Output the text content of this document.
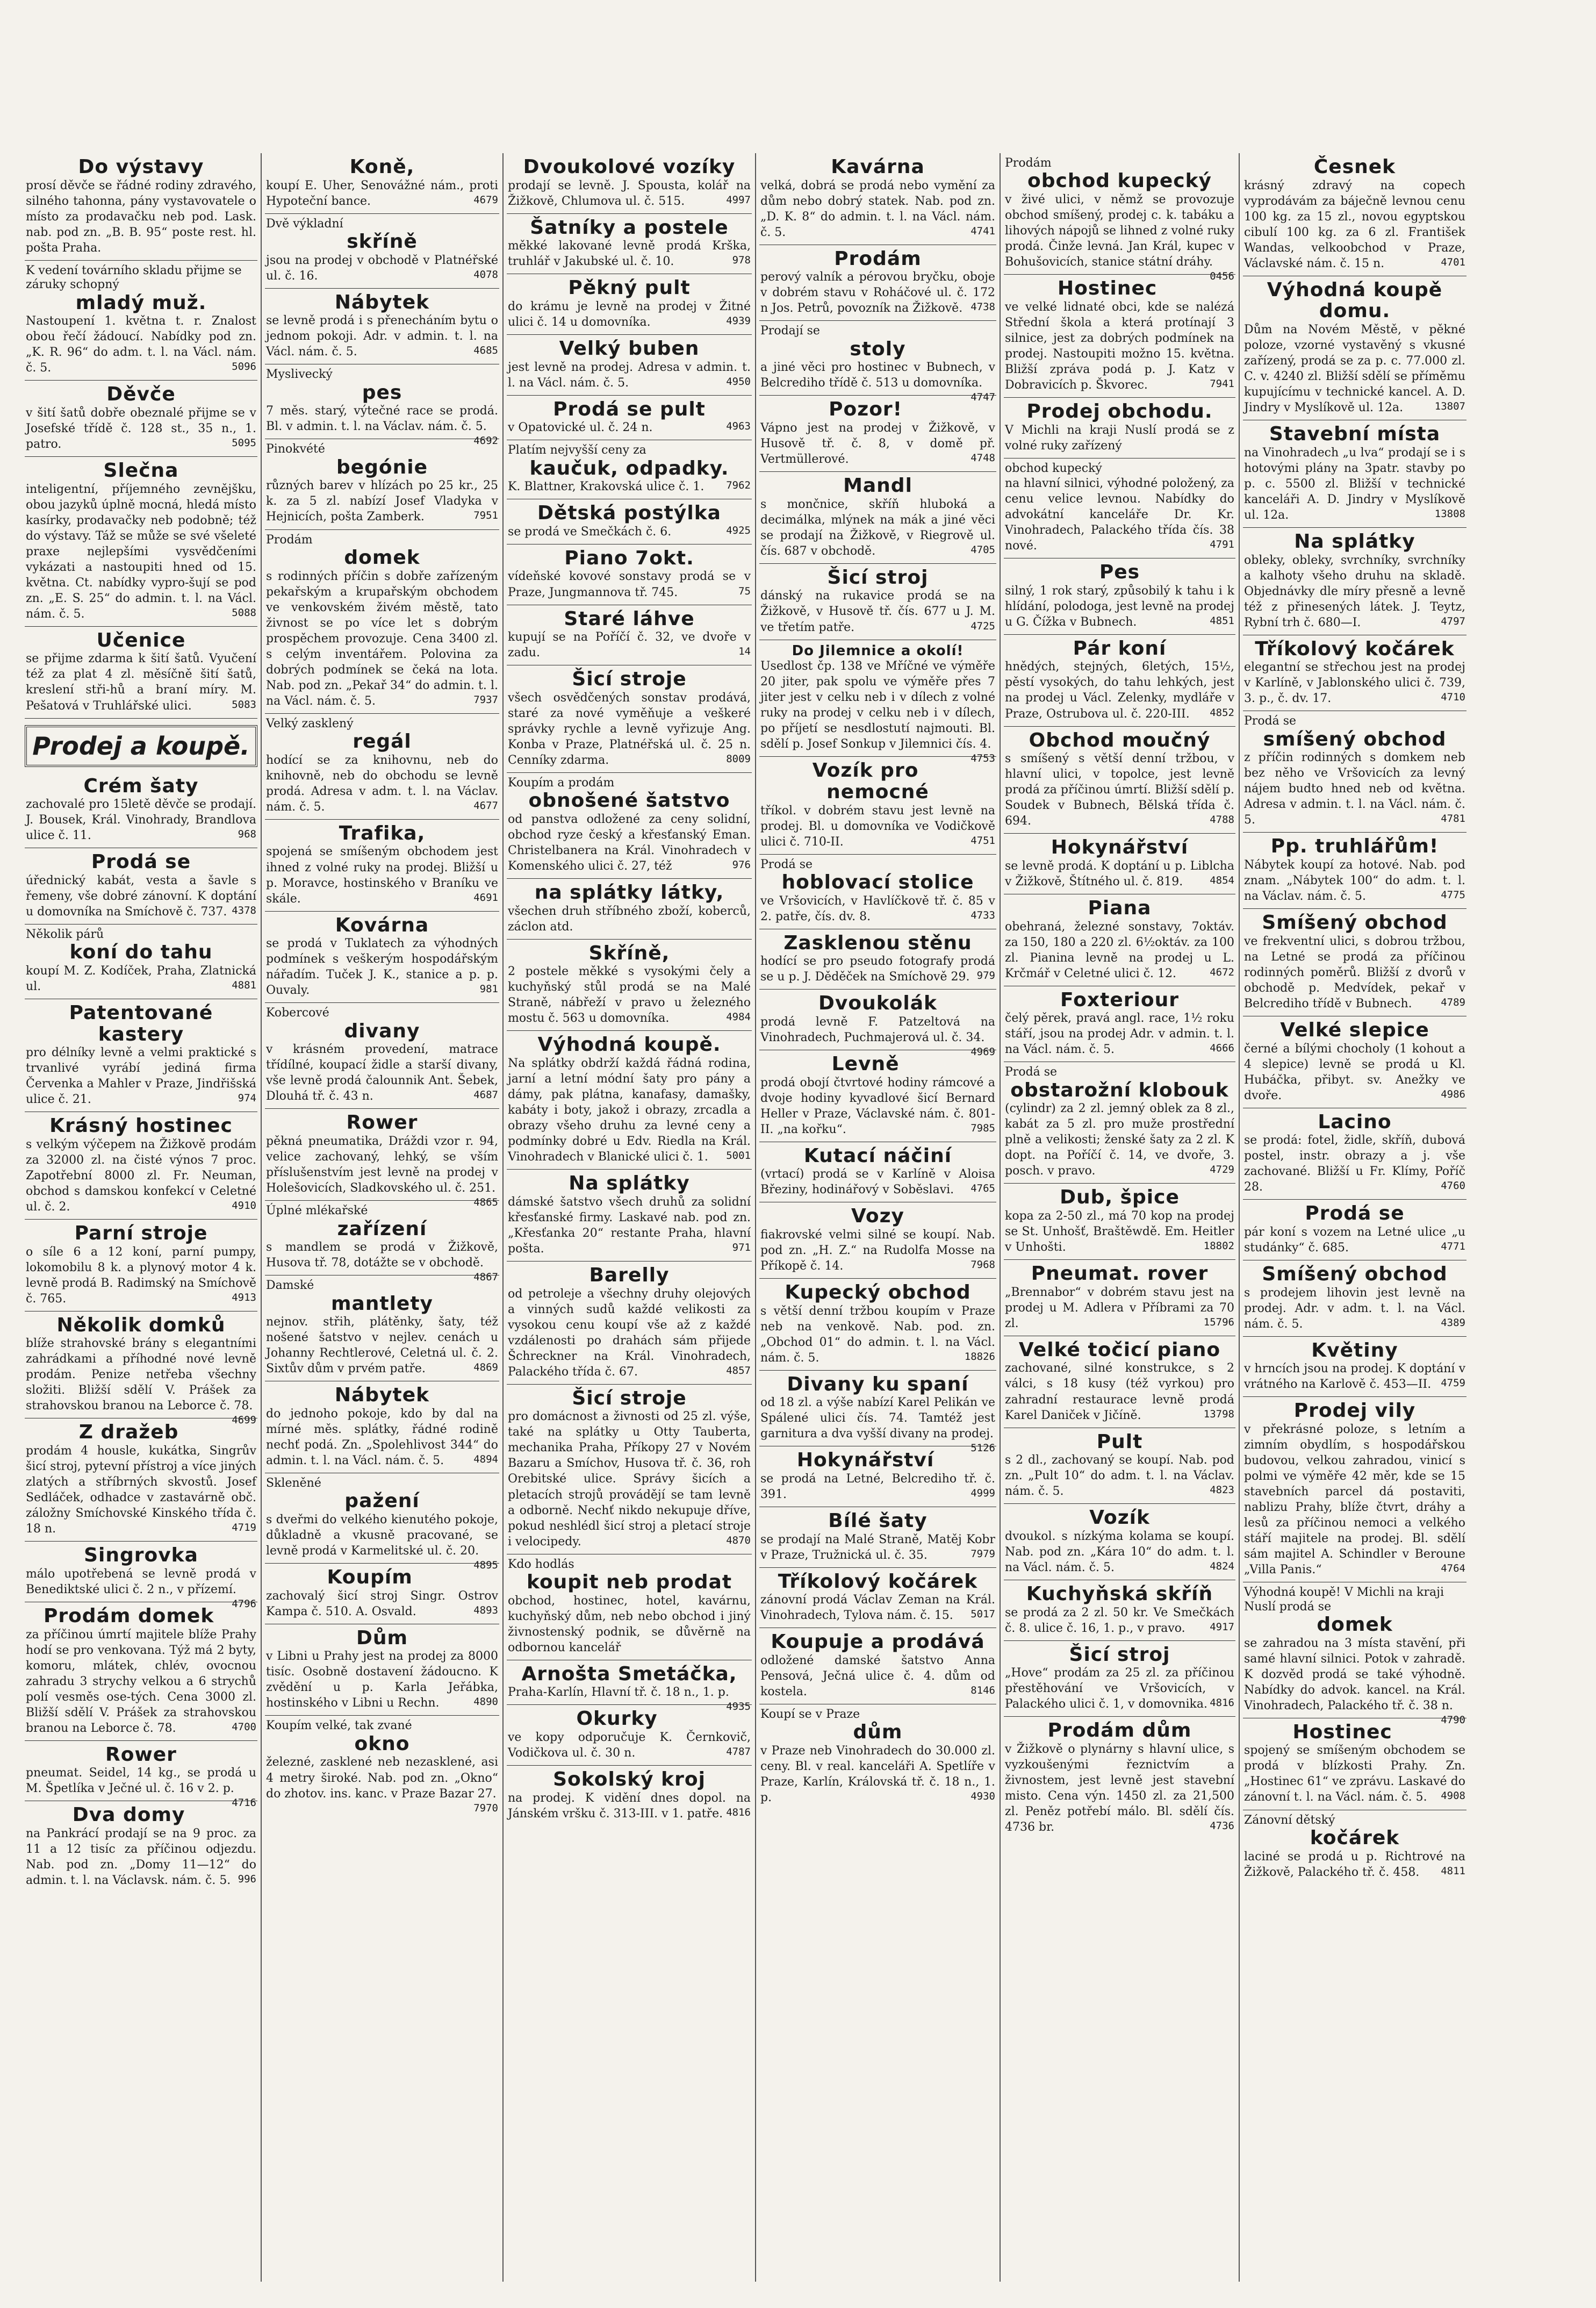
Do výstavy
prosí děvče se řádné rodiny zdravého, silného tahonna, pány vystavovatele o místo za prodavačku neb pod. Lask. nab. pod zn. „B. B. 95“ poste rest. hl. pošta Praha.
K vedení továrního skladu přijme se záruky schopný
mladý muž.
Nastoupení 1. května t. r. Znalost obou řečí žádoucí. Nabídky pod zn. „K. R. 96“ do adm. t. l. na Václ. nám. č. 5.	5096
Děvče
v šití šatů dobře obeznalé přijme se v Josefské třídě č. 128 st., 35 n., 1. patro.	5095
Slečna
inteligentní, příjemného zevnějšku, obou jazyků úplně mocná, hledá místo kasírky, prodavačky neb podobně; též do výstavy. Táž se může se své všeleté praxe nejlepšími vysvědčeními vykázati a nastoupiti hned od 15. května. Ct. nabídky vypro-šují se pod zn. „E. S. 25“ do admin. t. l. na Václ. nám. č. 5.	5088
Učenice
se přijme zdarma k šití šatů. Vyučení též za plat 4 zl. měsíčně šití šatů, kreslení stři-hů a braní míry. M. Pešatová v Truhlářské ulici.	5083
Prodej a koupě.
Crém šaty
zachovalé pro 15letě děvče se prodají. J. Bousek, Král. Vinohrady, Brandlova ulice č. 11.	968
Prodá se
úřednický kabát, vesta a šavle s řemeny, vše dobré zánovní. K doptání u domovníka na Smíchově č. 737. 4378
Několik párů
koní do tahu
koupí M. Z. Kodíček, Praha, Zlatnická ul.	4881
Patentované kastery
pro délníky levně a velmi praktické s trvanlivé vyrábí jediná firma Červenka a Mahler v Praze, Jindřišská ulice č. 21.	974
Krásný hostinec
s velkým výčepem na Žižkově prodám za 32000 zl. na čisté výnos 7 proc. Zapotřební 8000 zl. Fr. Neuman, obchod s damskou konfekcí v Celetné ul. č. 2.	4910
Parní stroje
o síle 6 a 12 koní, parní pumpy, lokomobilu 8 k. a plynový motor 4 k. levně prodá B. Radimský na Smíchově č. 765.	4913
Několik domků
blíže strahovské brány s elegantními zahrádkami a příhodné nové levně prodám. Penize netřeba všechny složiti. Bližší sdělí V. Prášek za strahovskou branou na Leborce č. 78.
4699
Z dražeb
prodám 4 housle, kukátka, Singrův šicí stroj, pytevní přístroj a více jiných zlatých a stříbrných skvostů. Josef Sedláček, odhadce v zastavárně obč. záložny Smíchovské Kinského třída č. 18 n.	4719
Singrovka
málo upotřebená se levně prodá v Benediktské ulici č. 2 n., v přízemí.
4796
Prodám domek
za příčinou úmrtí majitele blíže Prahy hodí se pro venkovana. Týž má 2 byty, komoru, mlátek, chlév, ovocnou zahradu 3 strychy velkou a 6 strychů polí vesměs ose-tých. Cena 3000 zl. Bližší sdělí V. Prášek za strahovskou branou na Leborce č. 78.	4700
Rower
pneumat. Seidel, 14 kg., se prodá u M. Špetlíka v Ječné ul. č. 16 v 2. p.
4716
Dva domy
na Pankrácí prodají se na 9 proc. za 11 a 12 tisíc za příčinou odjezdu. Nab. pod zn. „Domy 11—12“ do admin. t. l. na Václavsk. nám. č. 5. 996
Koně,
koupí E. Uher, Senovážné nám., proti Hypoteční bance.	4679
Dvě výkladní
skříně
jsou na prodej v obchodě v Platnéřské ul. č. 16.	4078
Nábytek
se levně prodá i s přenecháním bytu o jednom pokoji. Adr. v admin. t. l. na Václ. nám. č. 5.	4685
Myslivecký
pes
7 měs. starý, výtečné race se prodá. Bl. v admin. t. l. na Václav. nám. č. 5.
4692
Pinokvété
begónie
různých barev v hlízách po 25 kr., 25 k. za 5 zl. nabízí Josef Vladyka v Hejnicích, pošta Zamberk.	7951
Prodám
domek
s rodinných příčin s dobře zařízeným pekařským a krupařským obchodem ve venkovském živém městě, tato živnost se po více let s dobrým prospěchem provozuje. Cena 3400 zl. s celým inventářem. Polovina za dobrých podmínek se čeká na lota. Nab. pod zn. „Pekař 34“ do admin. t. l. na Václ. nám. č. 5.	7937
Velký zasklený
regál
hodící se za knihovnu, neb do knihovně, neb do obchodu se levně prodá. Adresa v adm. t. l. na Václav. nám. č. 5.	4677
Trafika,
spojená se smíšeným obchodem jest ihned z volné ruky na prodej. Bližší u p. Moravce, hostinského v Braníku ve skále.	4691
Kovárna
se prodá v Tuklatech za výhodných podmínek s veškerým hospodářským nářadím. Tuček J. K., stanice a p. p. Ouvaly.	981
Kobercové
divany
v krásném provedení, matrace třídílné, koupací židle a starší divany, vše levně prodá čalounnik Ant. Šebek, Dlouhá tř. č. 43 n.	4687
Rower
pěkná pneumatika, Dráždi vzor r. 94, velice zachovaný, lehký, se vším příslušenstvím jest levně na prodej v Holešovicích, Sladkovského ul. č. 251.
4865
Úplné mlékařské
zařízení
s mandlem se prodá v Žižkově, Husova tř. 78, dotážte se v obchodě.
4867
Damské
mantlety
nejnov. střih, plátěnky, šaty, též nošené šatstvo v nejlev. cenách u Johanny Rechtlerové, Celetná ul. č. 2. Sixtův dům v prvém patře.	4869
Nábytek
do jednoho pokoje, kdo by dal na mírné měs. splátky, řádné rodině nechť podá. Zn. „Spolehlivost 344“ do admin. t. l. na Václ. nám. č. 5.	4894
Skleněné
pažení
s dveřmi do velkého kienutého pokoje, důkladně a vkusně pracované, se levně prodá v Karmelitské ul. č. 20.
4895
Koupím
zachovalý šicí stroj Singr. Ostrov Kampa č. 510. A. Osvald.	4893
Dům
v Libni u Prahy jest na prodej za 8000 tisíc. Osobně dostavení žádoucno. K zvědění u p. Karla Jeřábka, hostinského v Libni u Rechn.	4890
Koupím velké, tak zvané
okno
železné, zasklené neb nezasklené, asi 4 metry široké. Nab. pod zn. „Okno“ do zhotov. ins. kanc. v Praze Bazar 27.
7970
Dvoukolové vozíky
prodají se levně. J. Spousta, kolář na Žižkově, Chlumova ul. č. 515.	4997
Šatníky a postele
měkké lakované levně prodá Krška, truhlář v Jakubské ul. č. 10.	978
Pěkný pult
do krámu je levně na prodej v Žitné ulici č. 14 u domovníka.	4939
Velký buben
jest levně na prodej. Adresa v admin. t. l. na Václ. nám. č. 5.	4950
Prodá se pult
v Opatovické ul. č. 24 n.	4963
Platím nejvyšší ceny za
kaučuk, odpadky.
K. Blattner, Krakovská ulice č. 1. 7962
Dětská postýlka
se prodá ve Smečkách č. 6.	4925
Piano 7okt.
vídeňské kovové sonstavy prodá se v Praze, Jungmannova tř. 745.	75
Staré láhve
kupují se na Poříčí č. 32, ve dvoře v zadu.	14
Šicí stroje
všech osvědčených sonstav prodává, staré za nové vyměňuje a veškeré správky rychle a levně vyřizuje Ang. Konba v Praze, Platnéřská ul. č. 25 n. Cenníky zdarma.	8009
Koupím a prodám
obnošené šatstvo
od panstva odložené za ceny solidní, obchod ryze český a křesťanský Eman. Christelbanera na Král. Vinohradech v Komenského ulici č. 27, též	976
na splátky látky,
všechen druh stříbného zboží, koberců, záclon atd.
Skříně,
2 postele měkké s vysokými čely a kuchyňský stůl prodá se na Malé Straně, nábřeží v pravo u železného mostu č. 563 u domovníka.	4984
Výhodná koupě.
Na splátky obdrží každá řádná rodina, jarní a letní módní šaty pro pány a dámy, pak plátna, kanafasy, damašky, kabáty i boty, jakož i obrazy, zrcadla a obrazy všeho druhu za levné ceny a podmínky dobré u Edv. Riedla na Král. Vinohradech v Blanické ulici č. 1. 5001
Na splátky
dámské šatstvo všech druhů za solidní křesťanské firmy. Laskavé nab. pod zn. „Křesťanka 20“ restante Praha, hlavní pošta.	971
Barelly
od petroleje a všechny druhy olejových a vinných sudů každé velikosti za vysokou cenu koupí vše až z každé vzdálenosti po drahách sám přijede Šchreckner na Král. Vinohradech, Palackého třída č. 67.	4857
Šicí stroje
pro domácnost a živnosti od 25 zl. výše, také na splátky u Otty Tauberta, mechanika Praha, Příkopy 27 v Novém Bazaru a Smíchov, Husova tř. č. 36, roh Orebitské ulice. Správy šicích a pletacích strojů provádějí se tam levně a odborně. Nechť nikdo nekupuje dříve, pokud neshlédl šicí stroj a pletací stroje i velocipedy.	4870
Kdo hodlás
koupit neb prodat
obchod, hostinec, hotel, kavárnu, kuchyňský dům, neb nebo obchod i jiný živnostenský podnik, se důvěrně na odbornou kancelář
Arnošta Smetáčka,
Praha-Karlín, Hlavní tř. č. 18 n., 1. p.
4935
Okurky
ve kopy odporučuje K. Černkovič, Vodičkova ul. č. 30 n.	4787
Sokolský kroj
na prodej. K vidění dnes dopol. na Jánském vršku č. 313-III. v 1. patře. 4816
Kavárna
velká, dobrá se prodá nebo vymění za dům nebo dobrý statek. Nab. pod zn. „D. K. 8“ do admin. t. l. na Václ. nám. č. 5.	4741
Prodám
perový valník a pérovou bryčku, oboje v dobrém stavu v Roháčové ul. č. 172 n Jos. Petrů, povozník na Žižkově. 4738
Prodají se
stoly
a jiné věci pro hostinec v Bubnech, v Belcrediho třídě č. 513 u domovníka.
4747
Pozor!
Vápno jest na prodej v Žižkově, v Husově tř. č. 8, v domě př. Vertmüllerové.	4748
Mandl
s mončnice, skříň hluboká a decimálka, mlýnek na mák a jiné věci se prodají na Žižkově, v Riegrově ul. čís. 687 v obchodě.	4705
Šicí stroj
dánský na rukavice prodá se na Žižkově, v Husově tř. čís. 677 u J. M. ve třetím patře.	4725
Do Jilemnice a okolí!
Usedlost čp. 138 ve Mříčné ve výměře 20 jiter, pak spolu ve výměře přes 7 jiter jest v celku neb i v dílech z volné ruky na prodej v celku neb i v dílech, po příjetí se nesdlostutí najmouti. Bl. sdělí p. Josef Sonkup v Jilemnici čís. 4.
4753
Vozík pro nemocné
tříkol. v dobrém stavu jest levně na prodej. Bl. u domovníka ve Vodičkově ulici č. 710-II.	4751
Prodá se
hoblovací stolice
ve Vršovicích, v Havlíčkově tř. č. 85 v 2. patře, čís. dv. 8.	4733
Zasklenou stěnu
hodící se pro pseudo fotografy prodá se u p. J. Děděček na Smíchově 29. 979
Dvoukolák
prodá levně F. Patzeltová na Vinohradech, Puchmajerová ul. č. 34.
4969
Levně
prodá obojí čtvrtové hodiny rámcové a dvoje hodiny kyvadlové šicí Bernard Heller v Praze, Václavské nám. č. 801-II. „na kořku“.	7985
Kutací náčiní
(vrtací) prodá se v Karlíně v Aloisa Březiny, hodinářový v Soběslavi. 4765
Vozy
fiakrovské velmi silné se koupí. Nab. pod zn. „H. Z.“ na Rudolfa Mosse na Příkopě č. 14.	7968
Kupecký obchod
s větší denní tržbou koupím v Praze neb na venkově. Nab. pod. zn. „Obchod 01“ do admin. t. l. na Václ. nám. č. 5.	18826
Divany ku spaní
od 18 zl. a výše nabízí Karel Pelikán ve Spálené ulici čís. 74. Tamtéž jest garnitura a dva vyšší divany na prodej.
5126
Hokynářství
se prodá na Letné, Belcrediho tř. č. 391.	4999
Bílé šaty
se prodají na Malé Straně, Matěj Kobr v Praze, Tružnická ul. č. 35.	7979
Tříkolový kočárek
zánovní prodá Václav Zeman na Král. Vinohradech, Tylova nám. č. 15. 5017
Koupuje a prodává
odložené damské šatstvo Anna Pensová, Ječná ulice č. 4. dům od kostela.	8146
Koupí se v Praze
dům
v Praze neb Vinohradech do 30.000 zl. ceny. Bl. v real. kanceláři A. Spetlíře v Praze, Karlín, Královská tř. č. 18 n., 1. p.	4930
Prodám
obchod kupecký
v živé ulici, v němž se provozuje obchod smíšený, prodej c. k. tabáku a lihových nápojů se lihned z volné ruky prodá. Činže levná. Jan Král, kupec v Bohušovicích, stanice státní dráhy.
0456
Hostinec
ve velké lidnaté obci, kde se nalézá Střední škola a která protínají 3 silnice, jest za dobrých podmínek na prodej. Nastoupiti možno 15. května. Bližší zpráva podá p. J. Katz v Dobravicích p. Škvorec.	7941
Prodej obchodu.
V Michli na kraji Nuslí prodá se z volné ruky zařízený
obchod kupecký
na hlavní silnici, výhodné položený, za cenu velice levnou. Nabídky do advokátní kanceláře Dr. Kr. Vinohradech, Palackého třída čís. 38 nové.	4791
Pes
silný, 1 rok starý, způsobilý k tahu i k hlídání, polodoga, jest levně na prodej u G. Čížka v Bubnech.	4851
Pár koní
hnědých, stejných, 6letých, 15½, pěstí vysokých, do tahu lehkých, jest na prodej u Václ. Zelenky, mydláře v Praze, Ostrubova ul. č. 220-III. 4852
Obchod moučný
s smíšený s větší denní tržbou, v hlavní ulici, v topolce, jest levně prodá za příčinou úmrtí. Bližší sdělí p. Soudek v Bubnech, Bělská třída č. 694.	4788
Hokynářství
se levně prodá. K doptání u p. Liblcha v Žižkově, Štítného ul. č. 819.	4854
Piana
obehraná, železné sonstavy, 7oktáv. za 150, 180 a 220 zl. 6½oktáv. za 100 zl. Pianina levně na prodej u L. Krčmář v Celetné ulici č. 12.	4672
Foxteriour
čelý pěrek, pravá angl. race, 1½ roku stáří, jsou na prodej Adr. v admin. t. l. na Václ. nám. č. 5.	4666
Prodá se
obstarožní klobouk
(cylindr) za 2 zl. jemný oblek za 8 zl., kabát za 5 zl. pro muže prostřední plně a velikosti; ženské šaty za 2 zl. K dopt. na Poříčí č. 14, ve dvoře, 3. posch. v pravo.	4729
Dub, špice
kopa za 2-50 zl., má 70 kop na prodej se St. Unhošť, Braštěwdě. Em. Heitler v Unhošti.	18802
Pneumat. rover
„Brennabor“ v dobrém stavu jest na prodej u M. Adlera v Příbrami za 70 zl.	15796
Velké točicí piano
zachované, silné konstrukce, s 2 válci, s 18 kusy (též vyrkou) pro zahradní restaurace levně prodá Karel Daniček v Jičíně.	13798
Pult
s 2 dl., zachovaný se koupí. Nab. pod zn. „Pult 10“ do adm. t. l. na Václav. nám. č. 5.	4823
Vozík
dvoukol. s nízkýma kolama se koupí. Nab. pod zn. „Kára 10“ do adm. t. l. na Václ. nám. č. 5.	4824
Kuchyňská skříň
se prodá za 2 zl. 50 kr. Ve Smečkách č. 8. ulice č. 16, 1. p., v pravo. 4917
Šicí stroj
„Hove“ prodám za 25 zl. za příčinou přestěhování ve Vršovicích, v Palackého ulici č. 1, v domovnika. 4816
Prodám dům
v Žižkově o plynárny s hlavní ulice, s vyzkoušenými řeznictvím a živnostem, jest levně jest stavební misto. Cena výn. 1450 zl. za 21,500 zl. Peněz potřebí málo. Bl. sdělí čís. 4736 br.	4736
Česnek
krásný zdravý na copech vyprodávám za báječně levnou cenu 100 kg. za 15 zl., novou egyptskou cibulí 100 kg. za 6 zl. František Wandas, velkoobchod v Praze, Václavské nám. č. 15 n.	4701
Výhodná koupě domu.
Dům na Novém Městě, v pěkné poloze, vzorné vystavěný s vkusné zařízený, prodá se za p. c. 77.000 zl. C. v. 4240 zl. Bližší sdělí se příměmu kupujícímu v technické kancel. A. D. Jindry v Myslíkově ul. 12a.	13807
Stavební místa
na Vinohradech „u lva“ prodají se i s hotovými plány na 3patr. stavby po p. c. 5500 zl. Bližší v technické kanceláři A. D. Jindry v Myslíkově ul. 12a.	13808
Na splátky
obleky, obleky, svrchníky, svrchníky a kalhoty všeho druhu na skladě. Objednávky dle míry přesně a levně též z přinesených látek. J. Teytz, Rybní trh č. 680—I.	4797
Tříkolový kočárek
elegantní se střechou jest na prodej v Karlíně, v Jablonského ulici č. 739, 3. p., č. dv. 17.	4710
Prodá se
smíšený obchod
z příčin rodinných s domkem neb bez něho ve Vršovicích za levný nájem budto hned neb od května. Adresa v admin. t. l. na Václ. nám. č. 5.	4781
Pp. truhlářům!
Nábytek koupí za hotové. Nab. pod znam. „Nábytek 100“ do adm. t. l. na Václav. nám. č. 5.	4775
Smíšený obchod
ve frekventní ulici, s dobrou tržbou, na Letné se prodá za příčinou rodinných poměrů. Bližší z dvorů v obchodě p. Medvídek, pekař v Belcrediho třídě v Bubnech.	4789
Velké slepice
černé a bílými chocholy (1 kohout a 4 slepice) levně se prodá u Kl. Hubáčka, přibyt. sv. Anežky ve dvoře.	4986
Lacino
se prodá: fotel, židle, skříň, dubová postel, instr. obrazy a j. vše zachované. Bližší u Fr. Klímy, Poříč 28.	4760
Prodá se
pár koní s vozem na Letné ulice „u studánky“ č. 685.	4771
Smíšený obchod
s prodejem lihovin jest levně na prodej. Adr. v adm. t. l. na Václ. nám. č. 5.	4389
Květiny
v hrncích jsou na prodej. K doptání v vrátného na Karlově č. 453—II. 4759
Prodej vily
v překrásné poloze, s letním a zimním obydlím, s hospodářskou budovou, velkou zahradou, vinicí s polmi ve výměře 42 měr, kde se 15 stavebních parcel dá postaviti, nablizu Prahy, blíže čtvrt, dráhy a lesů za příčinou nemoci a velkého stáří majitele na prodej. Bl. sdělí sám majitel A. Schindler v Beroune „Villa Panis.“	4764
Výhodná koupě! V Michli na kraji Nuslí prodá se
domek
se zahradou na 3 místa stavění, při samé hlavní silnici. Potok v zahradě. K dozvěd prodá se také výhodně. Nabídky do advok. kancel. na Král. Vinohradech, Palackého tř. č. 38 n.
4790
Hostinec
spojený se smíšeným obchodem se prodá v blízkosti Prahy. Zn. „Hostinec 61“ ve zprávu. Laskavé do zánovní t. l. na Václ. nám. č. 5. 4908
Zánovní dětský
kočárek
laciné se prodá u p. Richtrové na Žižkově, Palackého tř. č. 458. 4811
